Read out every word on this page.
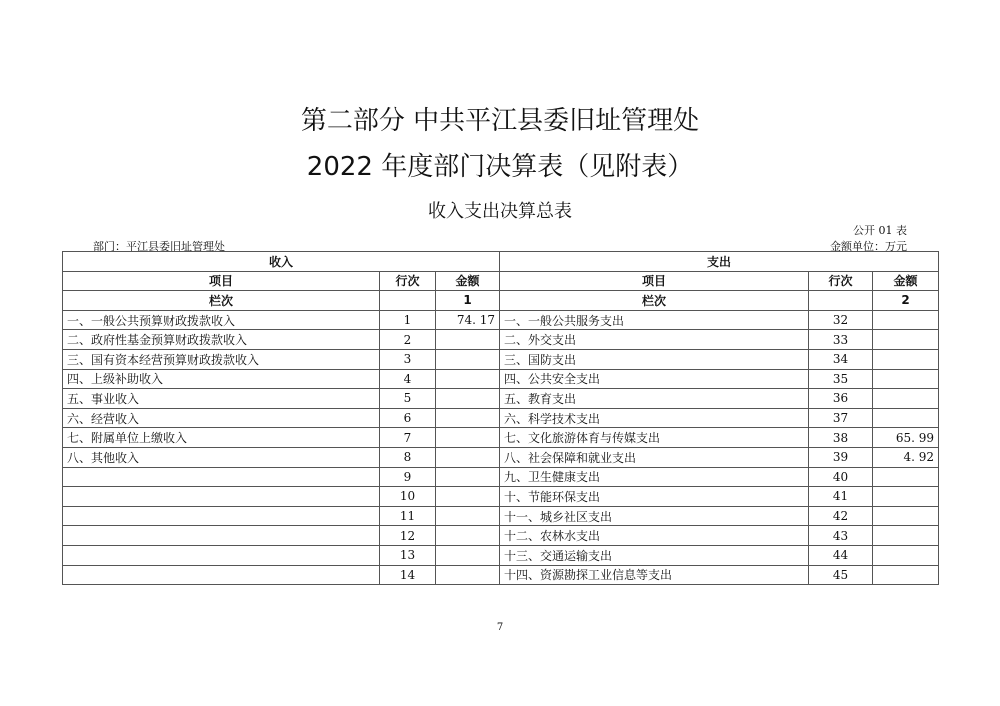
第二部分 中共平江县委旧址管理处
2022 年度部门决算表（见附表）
收入支出决算总表
公开 01 表
部门：平江县委旧址管理处	金额单位：万元
收入			支出		
项目	行次	金额	项目	行次	金额
栏次		1	栏次		2
一、一般公共预算财政拨款收入	1	74. 17	一、一般公共服务支出	32	
二、政府性基金预算财政拨款收入	2		二、外交支出	33	
三、国有资本经营预算财政拨款收入	3		三、国防支出	34	
四、上级补助收入	4		四、公共安全支出	35	
五、事业收入	5		五、教育支出	36	
六、经营收入	6		六、科学技术支出	37	
七、附属单位上缴收入	7		七、文化旅游体育与传媒支出	38	65. 99
八、其他收入	8		八、社会保障和就业支出	39	4. 92
	9		九、卫生健康支出	40	
	10		十、节能环保支出	41	
	11		十一、城乡社区支出	42	
	12		十二、农林水支出	43	
	13		十三、交通运输支出	44	
	14		十四、资源勘探工业信息等支出	45	
7
